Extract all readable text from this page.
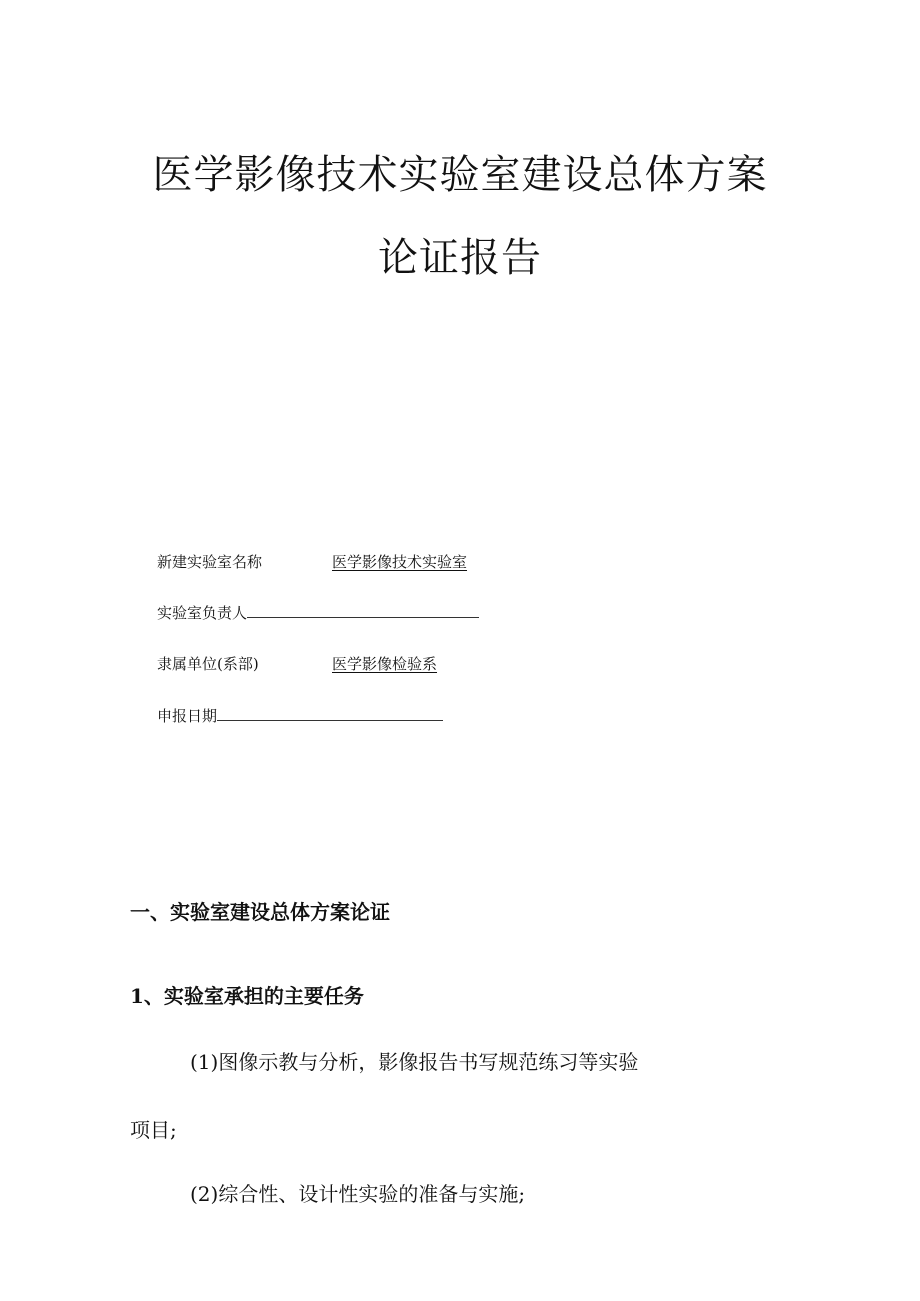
医学影像技术实验室建设总体方案
论证报告
新建实验室名称	医学影像技术实验室
实验室负责人
隶属单位(系部)	医学影像检验系
申报日期
一、实验室建设总体方案论证
1、实验室承担的主要任务

(1)图像示教与分析，影像报告书写规范练习等实验

项目;

(2)综合性、设计性实验的准备与实施;
